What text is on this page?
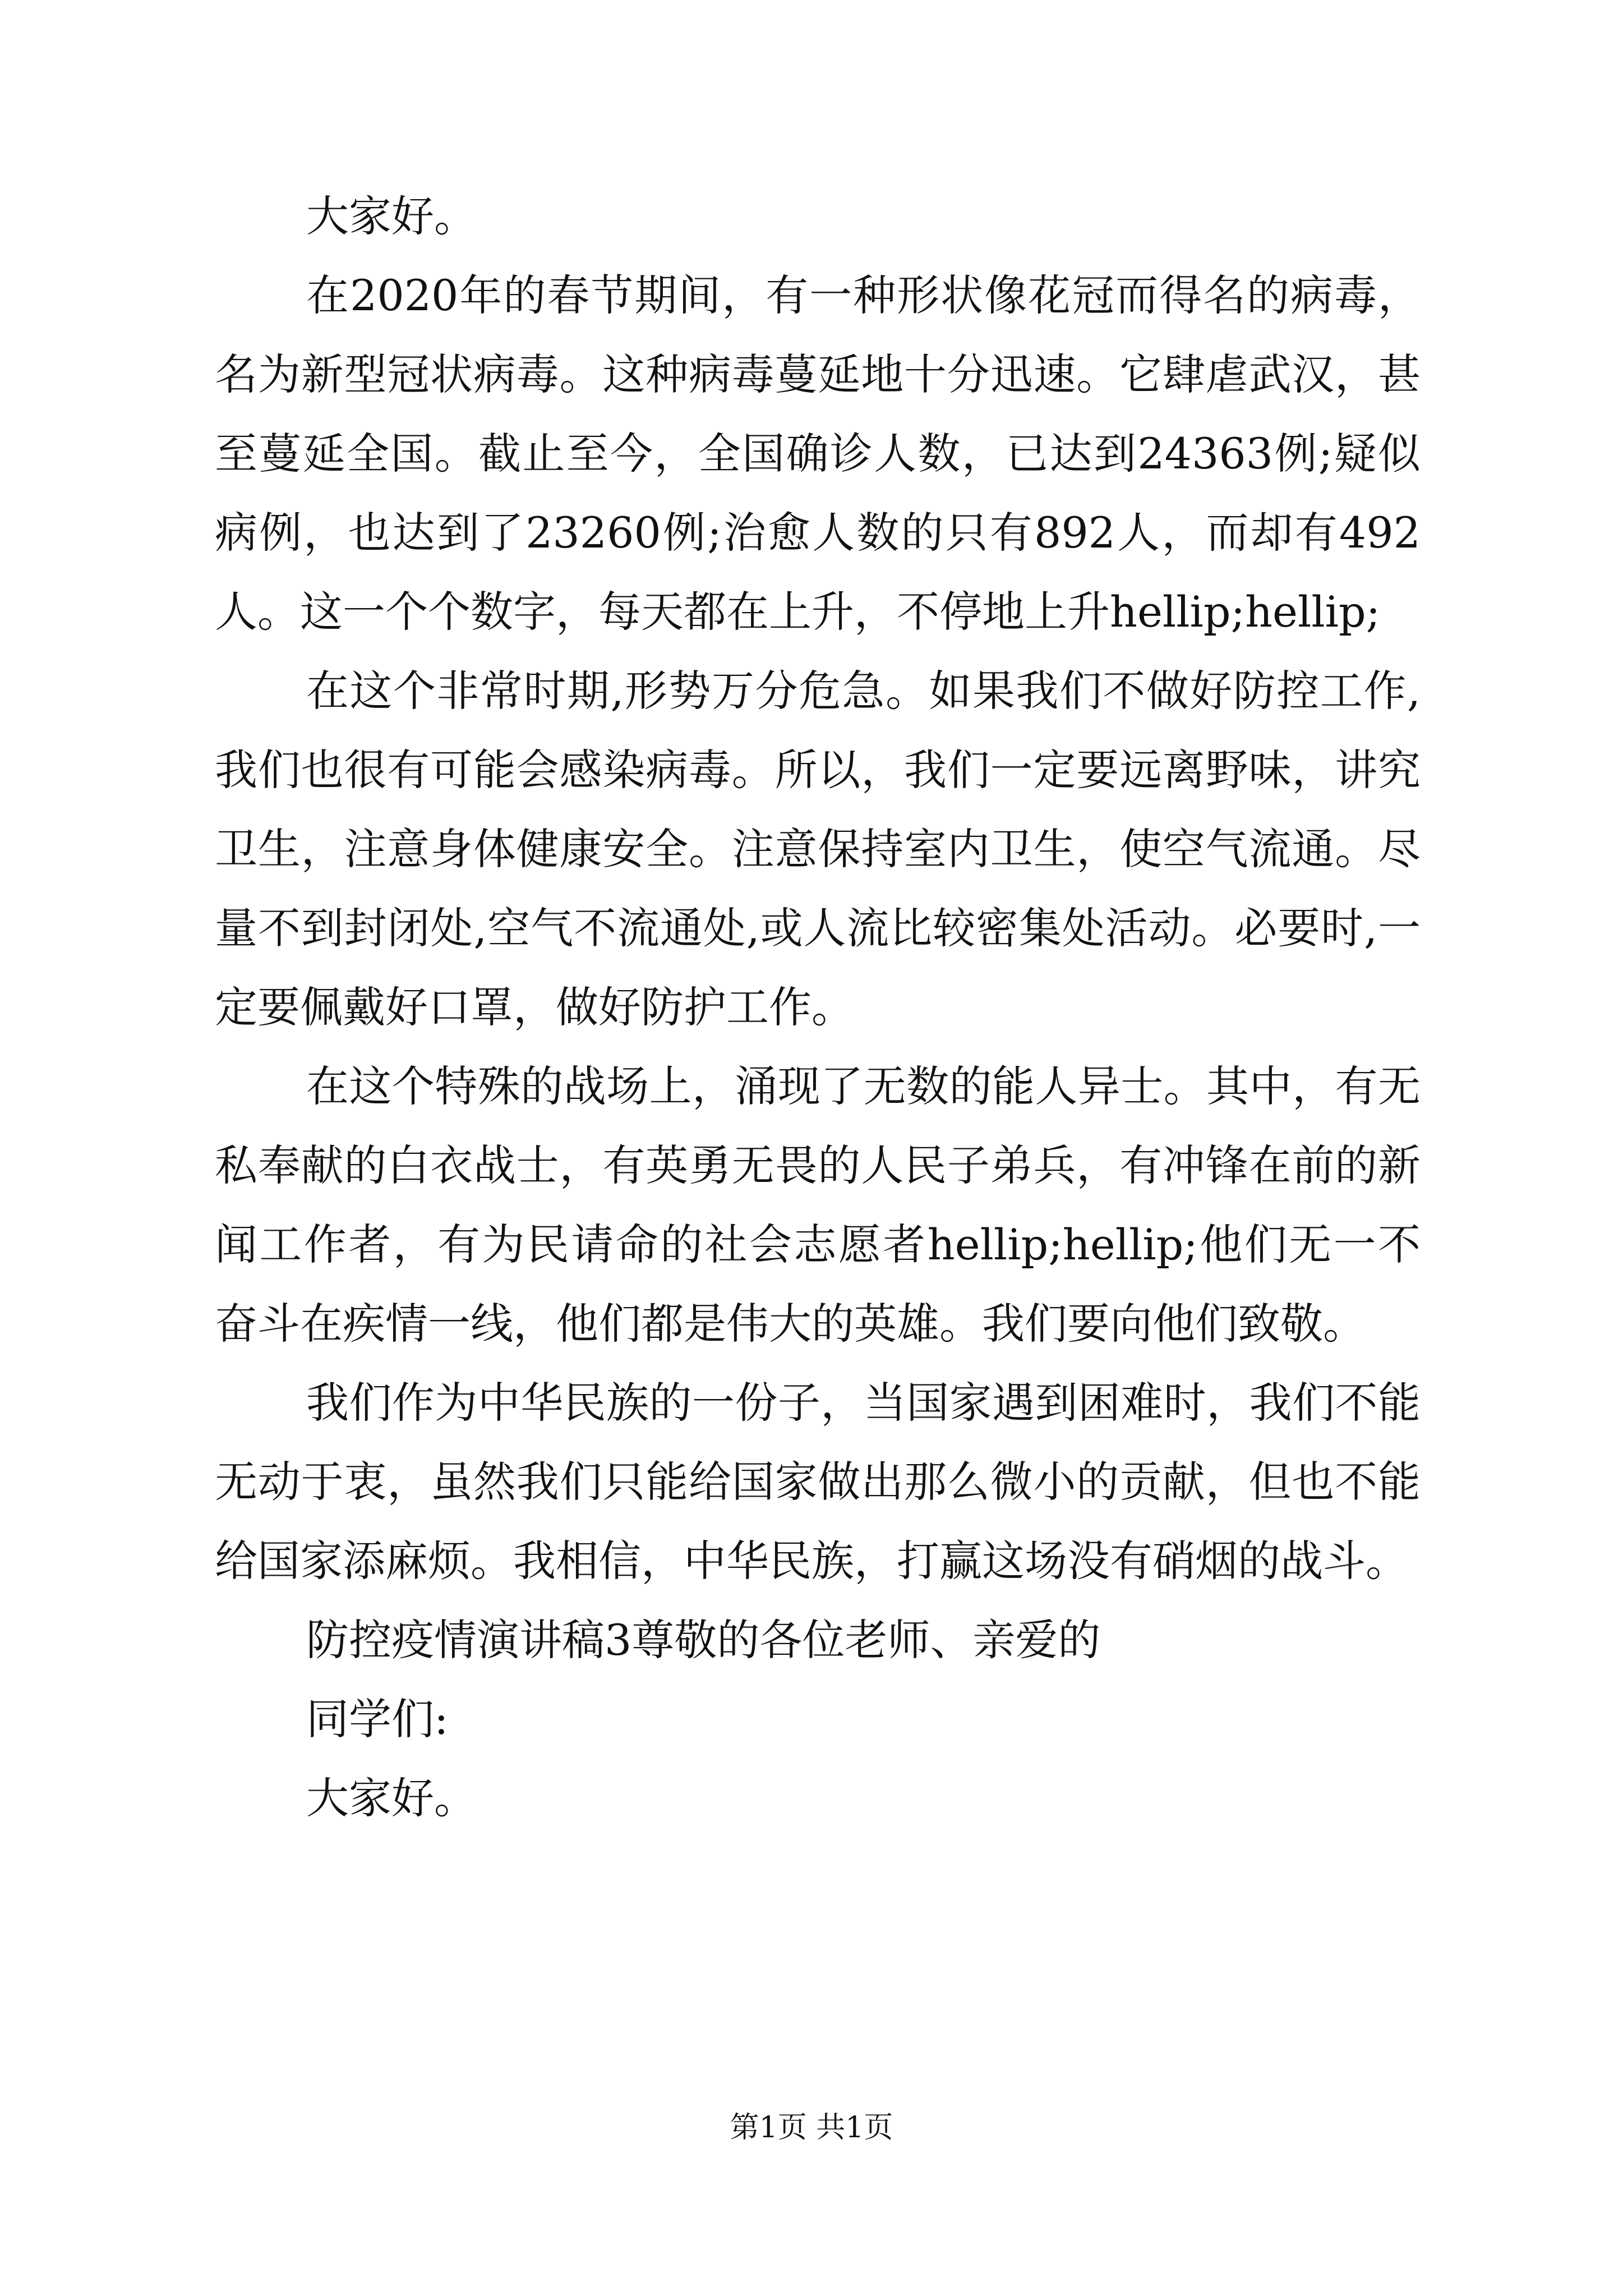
大家好。

在2020年的春节期间，有一种形状像花冠而得名的病毒，名为新型冠状病毒。这种病毒蔓延地十分迅速。它肆虐武汉，甚至蔓延全国。截止至今，全国确诊人数，已达到24363例;疑似病例，也达到了23260例;治愈人数的只有892人，而却有492人。这一个个数字，每天都在上升，不停地上升hellip;hellip;

在这个非常时期,形势万分危急。如果我们不做好防控工作,我们也很有可能会感染病毒。所以，我们一定要远离野味，讲究卫生，注意身体健康安全。注意保持室内卫生，使空气流通。尽量不到封闭处,空气不流通处,或人流比较密集处活动。必要时,一定要佩戴好口罩，做好防护工作。

在这个特殊的战场上，涌现了无数的能人异士。其中，有无私奉献的白衣战士，有英勇无畏的人民子弟兵，有冲锋在前的新闻工作者，有为民请命的社会志愿者hellip;hellip;他们无一不奋斗在疾情一线，他们都是伟大的英雄。我们要向他们致敬。

我们作为中华民族的一份子，当国家遇到困难时，我们不能无动于衷，虽然我们只能给国家做出那么微小的贡献，但也不能给国家添麻烦。我相信，中华民族，打赢这场没有硝烟的战斗。

防控疫情演讲稿3尊敬的各位老师、亲爱的

同学们:

大家好。

第1页 共1页
